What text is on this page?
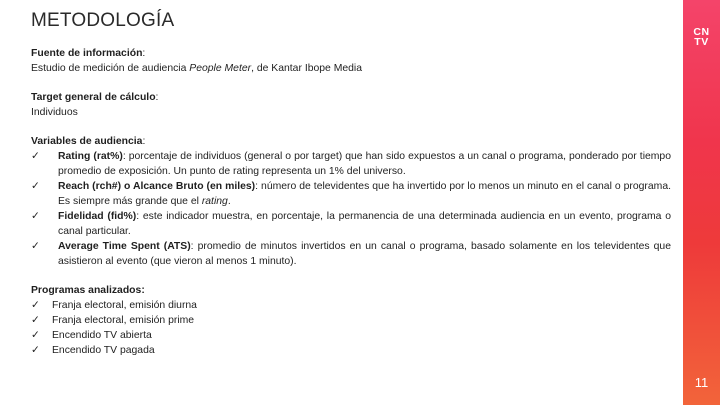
METODOLOGÍA
Fuente de información:
Estudio de medición de audiencia People Meter, de Kantar Ibope Media
Target general de cálculo:
Individuos
Variables de audiencia:
✓	Rating (rat%): porcentaje de individuos (general o por target) que han sido expuestos a un canal o programa, ponderado por tiempo promedio de exposición. Un punto de rating representa un 1% del universo.
✓	Reach (rch#) o Alcance Bruto (en miles): número de televidentes que ha invertido por lo menos un minuto en el canal o programa. Es siempre más grande que el rating.
✓	Fidelidad (fid%): este indicador muestra, en porcentaje, la permanencia de una determinada audiencia en un evento, programa o canal particular.
✓	Average Time Spent (ATS): promedio de minutos invertidos en un canal o programa, basado solamente en los televidentes que asistieron al evento (que vieron al menos 1 minuto).
Programas analizados:
✓	Franja electoral, emisión diurna
✓	Franja electoral, emisión prime
✓	Encendido TV abierta
✓	Encendido TV pagada
CN
TV
11
